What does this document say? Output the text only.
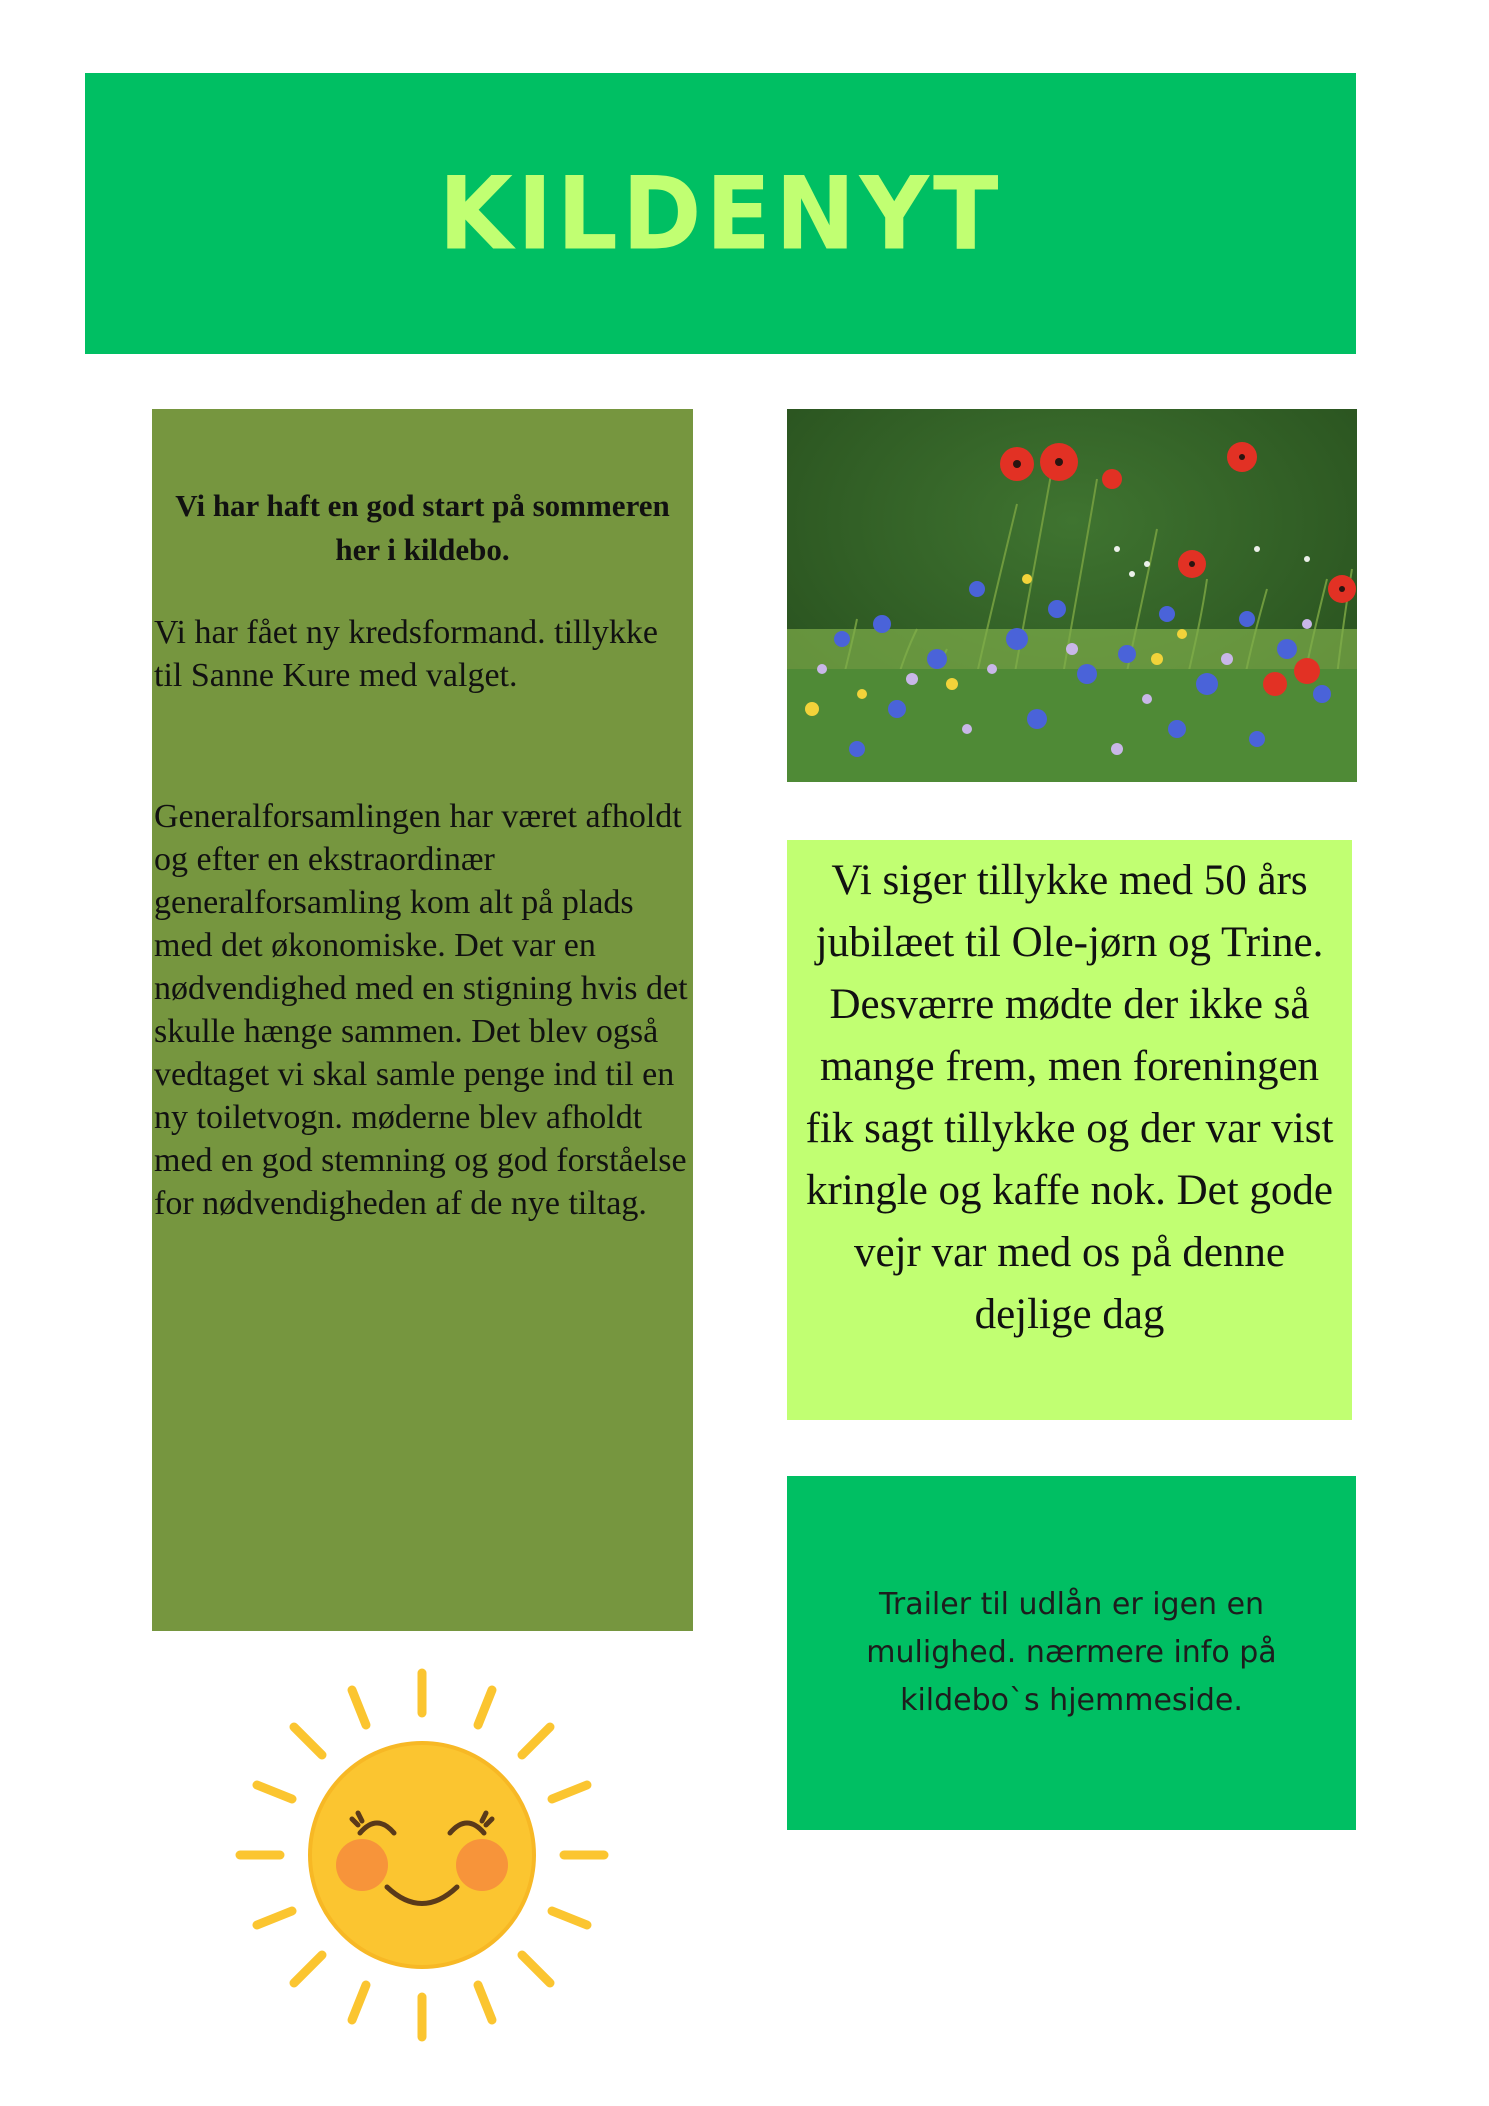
KILDENYT
Vi har haft en god start på sommeren her i kildebo.

Vi har fået ny kredsformand. tillykke til Sanne Kure med valget.

Generalforsamlingen har været afholdt og efter en ekstraordinær generalforsamling kom alt på plads med det økonomiske. Det var en nødvendighed med en stigning hvis det skulle hænge sammen. Det blev også vedtaget vi skal samle penge ind til en ny toiletvogn. møderne blev afholdt med en god stemning og god forståelse for nødvendigheden af de nye tiltag.

Vi siger tillykke med 50 års jubilæet til Ole-jørn og Trine.

Desværre mødte der ikke så mange frem, men foreningen fik sagt tillykke og der var vist kringle og kaffe nok. Det gode vejr var med os på denne dejlige dag

Trailer til udlån er igen en mulighed. nærmere info på kildebo`s hjemmeside.
